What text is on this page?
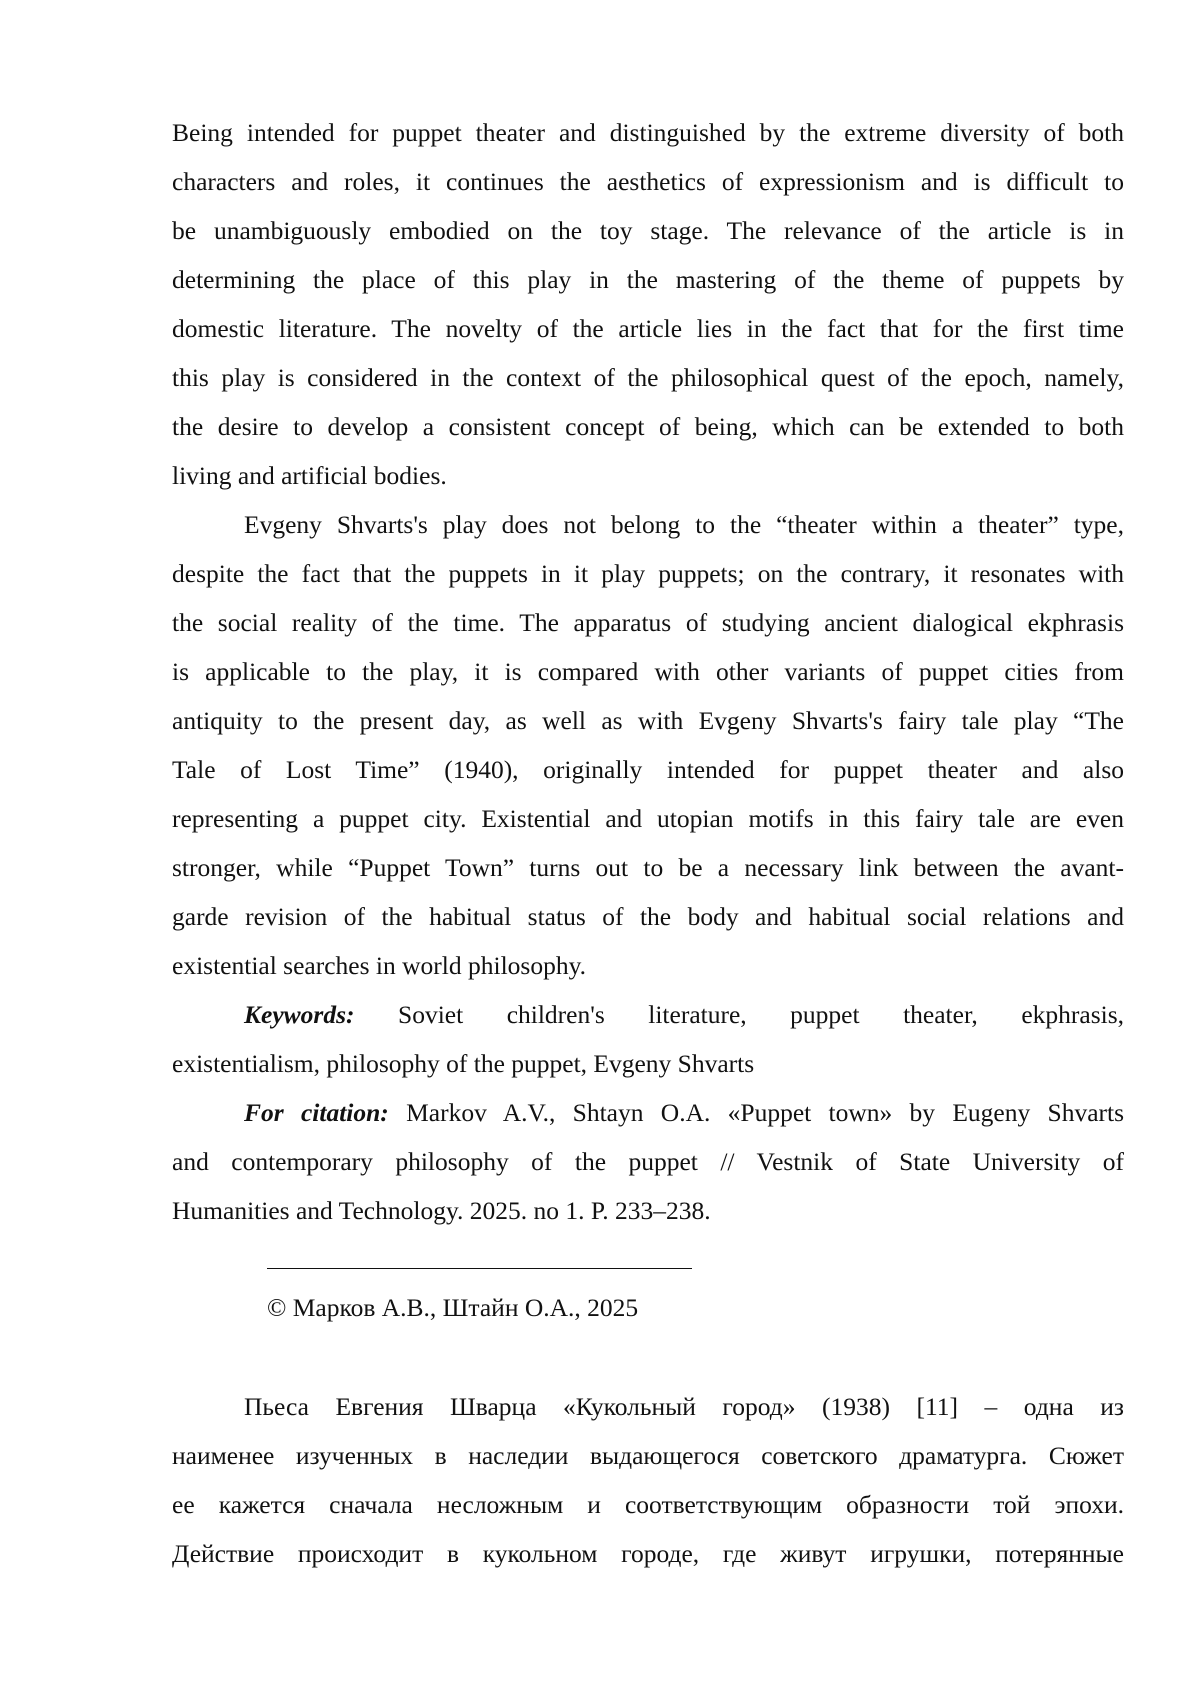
Being intended for puppet theater and distinguished by the extreme diversity of both
characters and roles, it continues the aesthetics of expressionism and is difficult to
be unambiguously embodied on the toy stage. The relevance of the article is in
determining the place of this play in the mastering of the theme of puppets by
domestic literature. The novelty of the article lies in the fact that for the first time
this play is considered in the context of the philosophical quest of the epoch, namely,
the desire to develop a consistent concept of being, which can be extended to both
living and artificial bodies.
Evgeny Shvarts's play does not belong to the “theater within a theater” type,
despite the fact that the puppets in it play puppets; on the contrary, it resonates with
the social reality of the time. The apparatus of studying ancient dialogical ekphrasis
is applicable to the play, it is compared with other variants of puppet cities from
antiquity to the present day, as well as with Evgeny Shvarts's fairy tale play “The
Tale of Lost Time” (1940), originally intended for puppet theater and also
representing a puppet city. Existential and utopian motifs in this fairy tale are even
stronger, while “Puppet Town” turns out to be a necessary link between the avant-
garde revision of the habitual status of the body and habitual social relations and
existential searches in world philosophy.
Keywords: Soviet children's literature, puppet theater, ekphrasis,
existentialism, philosophy of the puppet, Evgeny Shvarts
For citation: Markov A.V., Shtayn O.A. «Puppet town» by Eugeny Shvarts
and contemporary philosophy of the puppet // Vestnik of State University of
Humanities and Technology. 2025. no 1. P. 233–238.
© Марков А.В., Штайн О.А., 2025
Пьеса Евгения Шварца «Кукольный город» (1938) [11] – одна из
наименее изученных в наследии выдающегося советского драматурга. Сюжет
ее кажется сначала несложным и соответствующим образности той эпохи.
Действие происходит в кукольном городе, где живут игрушки, потерянные
